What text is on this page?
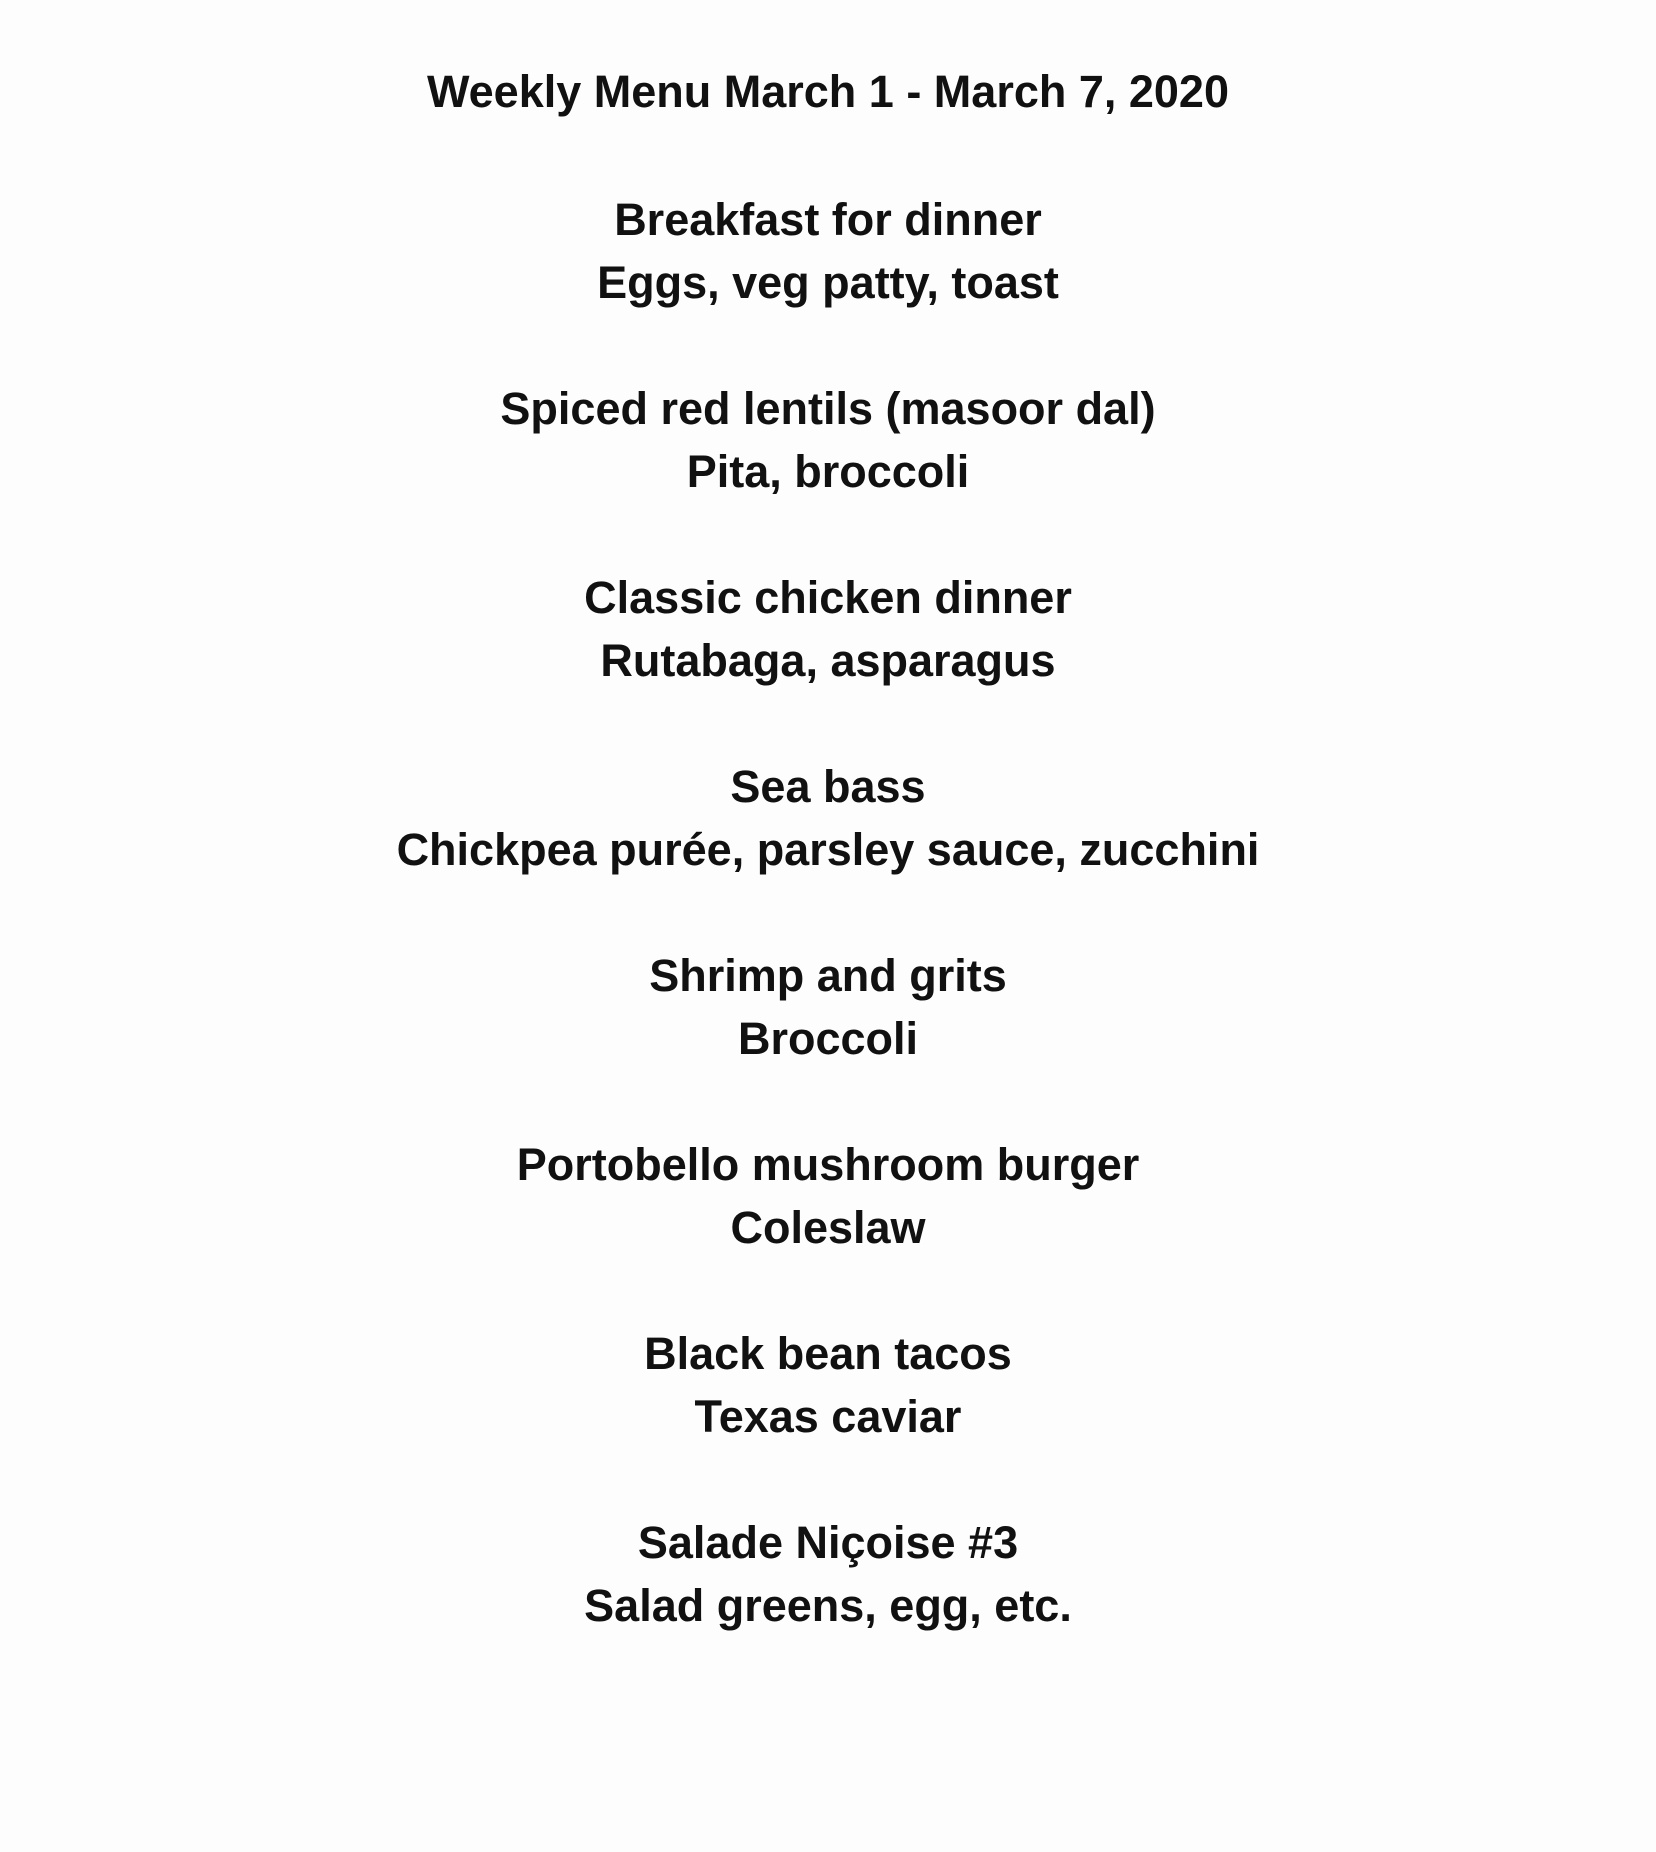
Weekly Menu March 1 - March 7, 2020
Breakfast for dinner
Eggs, veg patty, toast
Spiced red lentils (masoor dal)
Pita, broccoli
Classic chicken dinner
Rutabaga, asparagus
Sea bass
Chickpea purée, parsley sauce, zucchini
Shrimp and grits
Broccoli
Portobello mushroom burger
Coleslaw
Black bean tacos
Texas caviar
Salade Niçoise #3
Salad greens, egg, etc.
